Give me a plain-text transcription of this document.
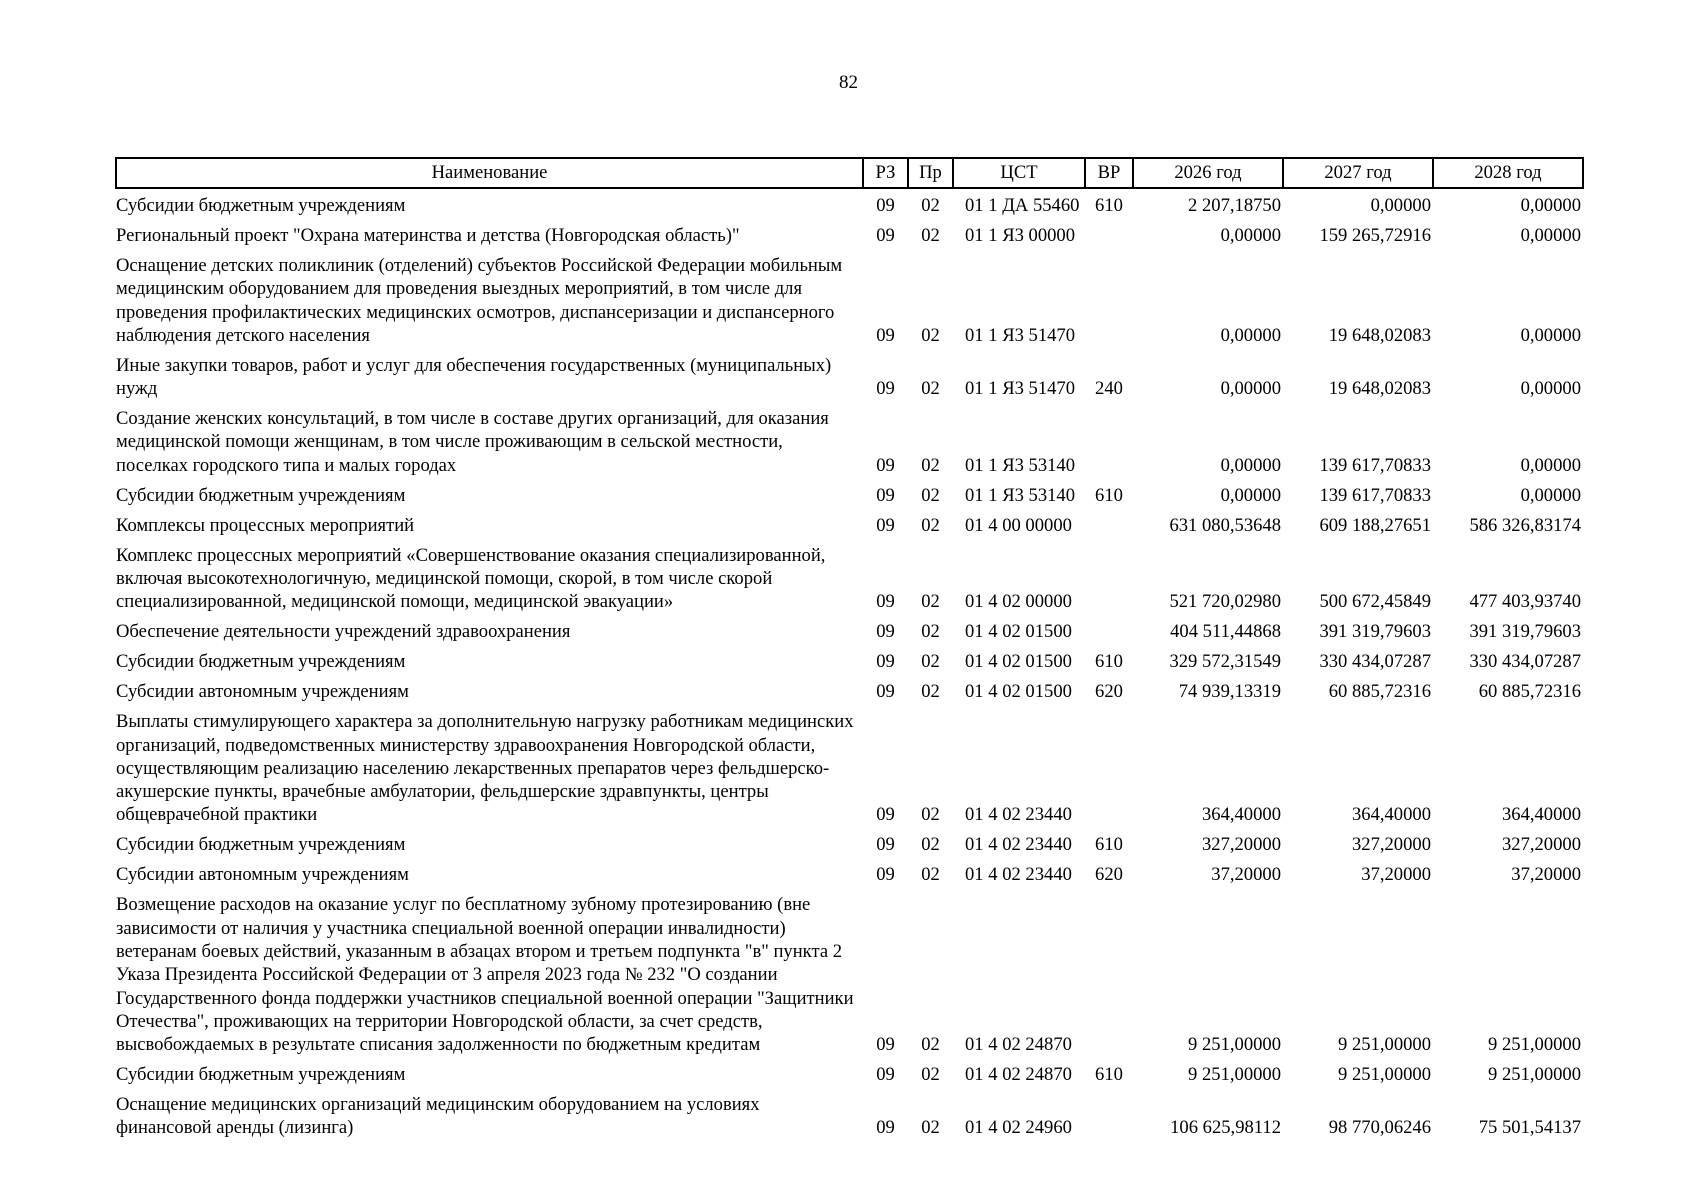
82
Наименование	РЗ	Пр	ЦСТ	ВР	2026 год	2027 год	2028 год
Субсидии бюджетным учреждениям	09	02	01 1 ДА 55460	610	2 207,18750	0,00000	0,00000
Региональный проект "Охрана материнства и детства (Новгородская область)"	09	02	01 1 Я3 00000		0,00000	159 265,72916	0,00000
Оснащение детских поликлиник (отделений) субъектов Российской Федерации мобильным медицинским оборудованием для проведения выездных мероприятий, в том числе для проведения профилактических медицинских осмотров, диспансеризации и диспансерного наблюдения детского населения	09	02	01 1 Я3 51470		0,00000	19 648,02083	0,00000
Иные закупки товаров, работ и услуг для обеспечения государственных (муниципальных) нужд	09	02	01 1 Я3 51470	240	0,00000	19 648,02083	0,00000
Создание женских консультаций, в том числе в составе других организаций, для оказания медицинской помощи женщинам, в том числе проживающим в сельской местности, поселках городского типа и малых городах	09	02	01 1 Я3 53140		0,00000	139 617,70833	0,00000
Субсидии бюджетным учреждениям	09	02	01 1 Я3 53140	610	0,00000	139 617,70833	0,00000
Комплексы процессных мероприятий	09	02	01 4 00 00000		631 080,53648	609 188,27651	586 326,83174
Комплекс процессных мероприятий «Совершенствование оказания специализированной, включая высокотехнологичную, медицинской помощи, скорой, в том числе скорой специализированной, медицинской помощи, медицинской эвакуации»	09	02	01 4 02 00000		521 720,02980	500 672,45849	477 403,93740
Обеспечение деятельности учреждений здравоохранения	09	02	01 4 02 01500		404 511,44868	391 319,79603	391 319,79603
Субсидии бюджетным учреждениям	09	02	01 4 02 01500	610	329 572,31549	330 434,07287	330 434,07287
Субсидии автономным учреждениям	09	02	01 4 02 01500	620	74 939,13319	60 885,72316	60 885,72316
Выплаты стимулирующего характера за дополнительную нагрузку работникам медицинских организаций, подведомственных министерству здравоохранения Новгородской области, осуществляющим реализацию населению лекарственных препаратов через фельдшерско-акушерские пункты, врачебные амбулатории, фельдшерские здравпункты, центры общеврачебной практики	09	02	01 4 02 23440		364,40000	364,40000	364,40000
Субсидии бюджетным учреждениям	09	02	01 4 02 23440	610	327,20000	327,20000	327,20000
Субсидии автономным учреждениям	09	02	01 4 02 23440	620	37,20000	37,20000	37,20000
Возмещение расходов на оказание услуг по бесплатному зубному протезированию (вне зависимости от наличия у участника специальной военной операции инвалидности) ветеранам боевых действий, указанным в абзацах втором и третьем подпункта "в" пункта 2 Указа Президента Российской Федерации от 3 апреля 2023 года № 232 "О создании Государственного фонда поддержки участников специальной военной операции "Защитники Отечества", проживающих на территории Новгородской области, за счет средств, высвобождаемых в результате списания задолженности по бюджетным кредитам	09	02	01 4 02 24870		9 251,00000	9 251,00000	9 251,00000
Субсидии бюджетным учреждениям	09	02	01 4 02 24870	610	9 251,00000	9 251,00000	9 251,00000
Оснащение медицинских организаций медицинским оборудованием на условиях финансовой аренды (лизинга)	09	02	01 4 02 24960		106 625,98112	98 770,06246	75 501,54137
